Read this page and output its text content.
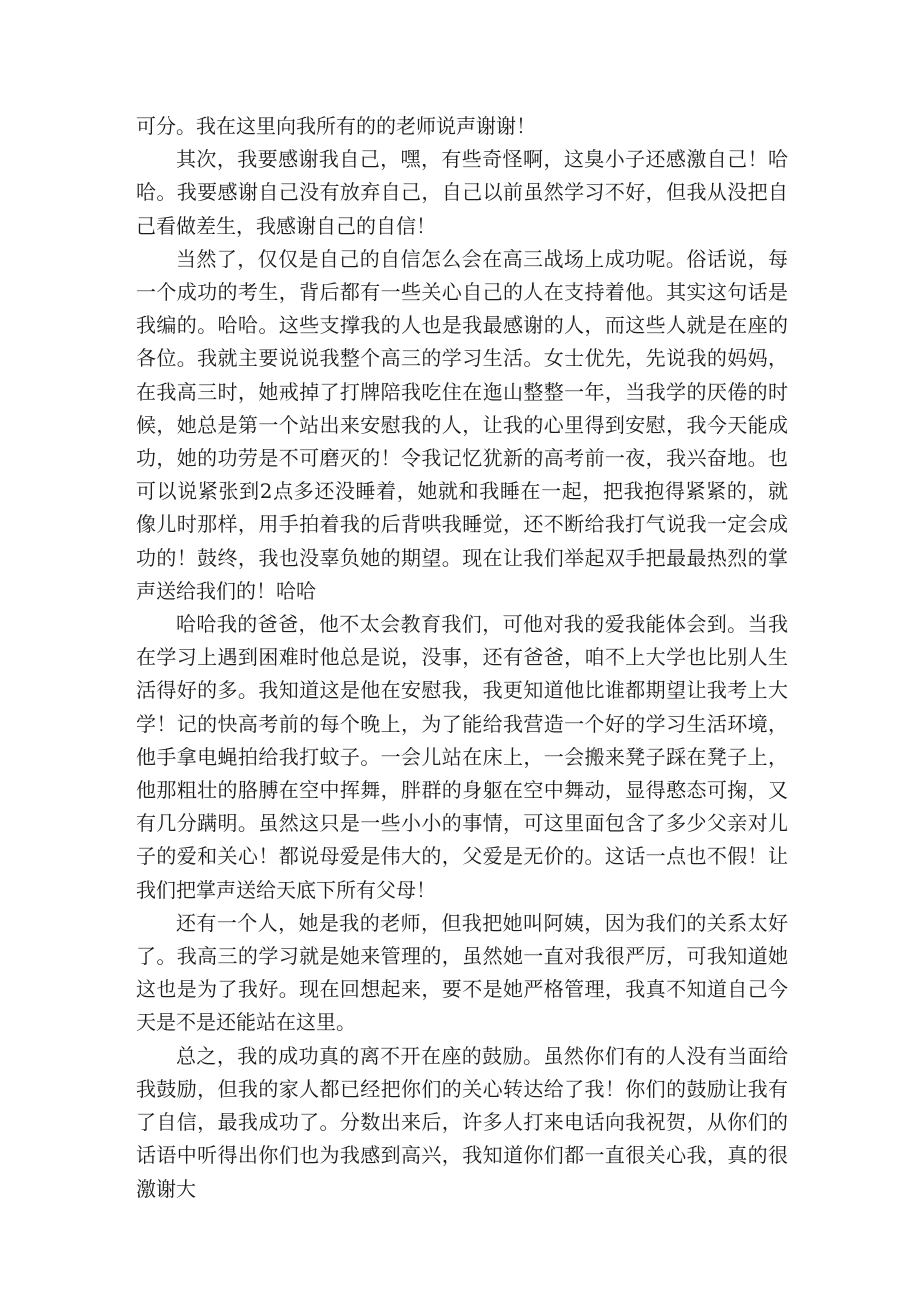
可分。我在这里向我所有的的老师说声谢谢！

其次，我要感谢我自己，嘿，有些奇怪啊，这臭小子还感激自己！哈哈。我要感谢自己没有放弃自己，自己以前虽然学习不好，但我从没把自己看做差生，我感谢自己的自信！

当然了，仅仅是自己的自信怎么会在高三战场上成功呢。俗话说，每一个成功的考生，背后都有一些关心自己的人在支持着他。其实这句话是我编的。哈哈。这些支撑我的人也是我最感谢的人，而这些人就是在座的各位。我就主要说说我整个高三的学习生活。女士优先，先说我的妈妈，在我高三时，她戒掉了打牌陪我吃住在迤山整整一年，当我学的厌倦的时候，她总是第一个站出来安慰我的人，让我的心里得到安慰，我今天能成功，她的功劳是不可磨灭的！令我记忆犹新的高考前一夜，我兴奋地。也可以说紧张到2点多还没睡着，她就和我睡在一起，把我抱得紧紧的，就像儿时那样，用手拍着我的后背哄我睡觉，还不断给我打气说我一定会成功的！鼓终，我也没辜负她的期望。现在让我们举起双手把最最热烈的掌声送给我们的！哈哈

哈哈我的爸爸，他不太会教育我们，可他对我的爱我能体会到。当我在学习上遇到困难时他总是说，没事，还有爸爸，咱不上大学也比别人生活得好的多。我知道这是他在安慰我，我更知道他比谁都期望让我考上大学！记的快高考前的每个晚上，为了能给我营造一个好的学习生活环境，他手拿电蝇拍给我打蚊子。一会儿站在床上，一会搬来凳子踩在凳子上，他那粗壮的胳膊在空中挥舞，胖群的身躯在空中舞动，显得憨态可掬，又有几分蹒明。虽然这只是一些小小的事情，可这里面包含了多少父亲对儿子的爱和关心！都说母爱是伟大的，父爱是无价的。这话一点也不假！让我们把掌声送给天底下所有父母！

还有一个人，她是我的老师，但我把她叫阿姨，因为我们的关系太好了。我高三的学习就是她来管理的，虽然她一直对我很严厉，可我知道她这也是为了我好。现在回想起来，要不是她严格管理，我真不知道自己今天是不是还能站在这里。

总之，我的成功真的离不开在座的鼓励。虽然你们有的人没有当面给我鼓励，但我的家人都已经把你们的关心转达给了我！你们的鼓励让我有了自信，最我成功了。分数出来后，许多人打来电话向我祝贺，从你们的话语中听得出你们也为我感到高兴，我知道你们都一直很关心我，真的很激谢大
